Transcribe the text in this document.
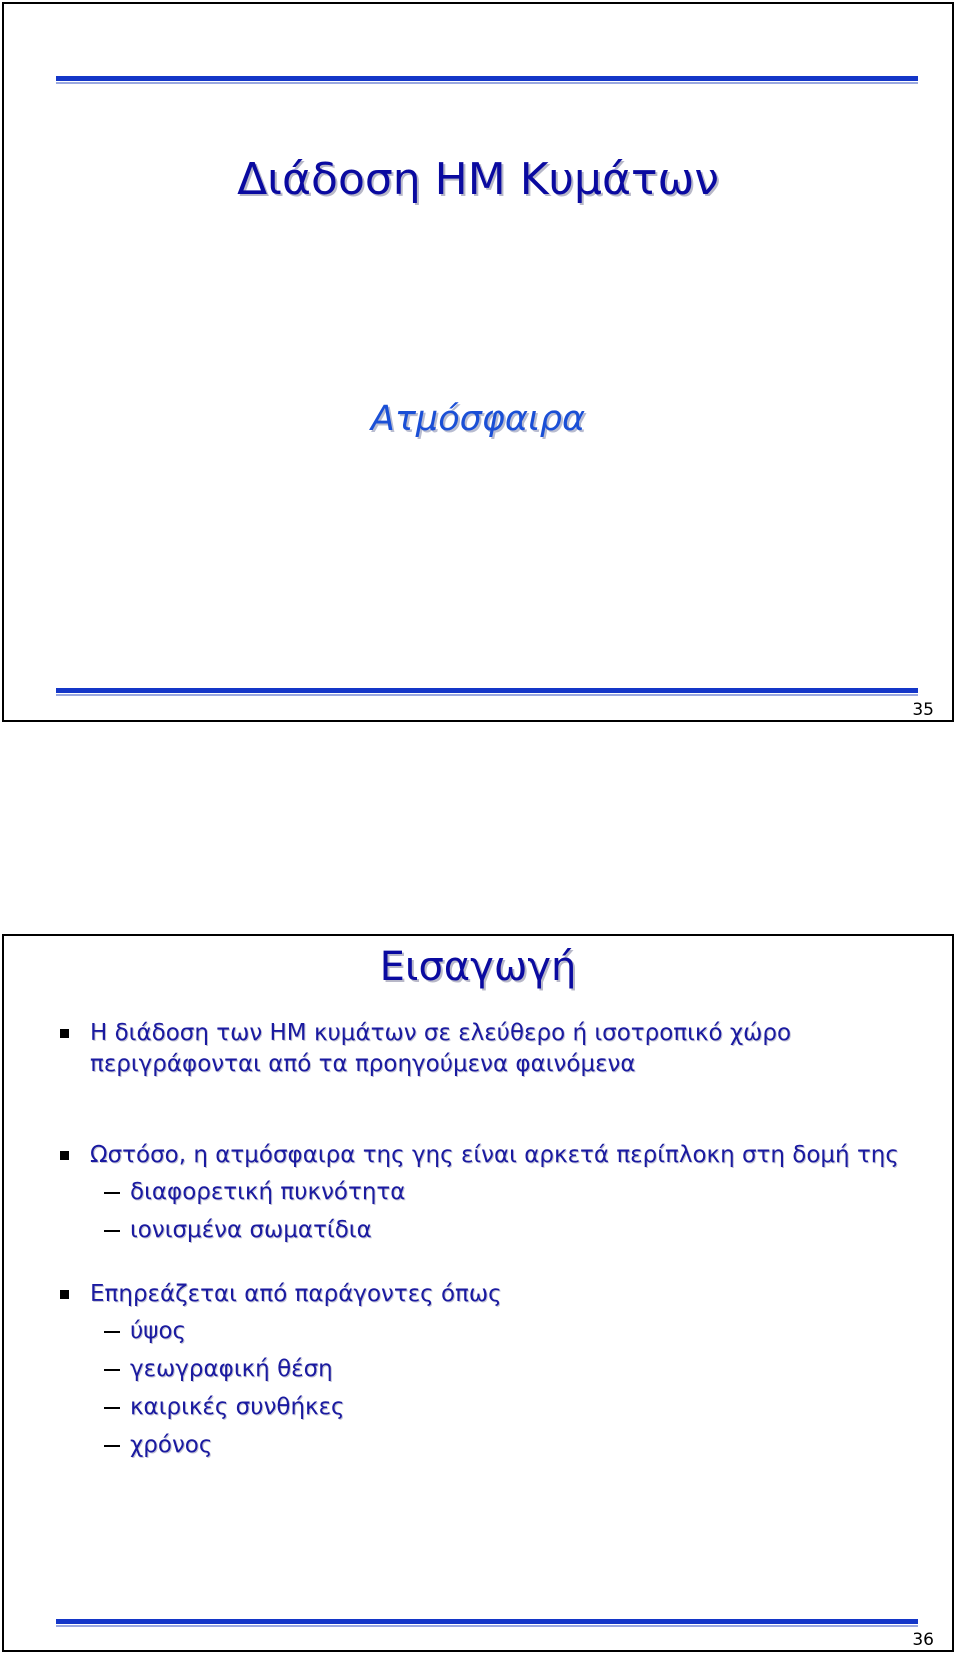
Διάδοση ΗΜ Κυμάτων
Ατμόσφαιρα
35
Εισαγωγή
Η διάδοση των ΗΜ κυμάτων σε ελεύθερο ή ισοτροπικό χώρο περιγράφονται από τα προηγούμενα φαινόμενα
Ωστόσο, η ατμόσφαιρα της γης είναι αρκετά περίπλοκη στη δομή της
διαφορετική πυκνότητα
ιονισμένα σωματίδια
Επηρεάζεται από παράγοντες όπως
ύψος
γεωγραφική θέση
καιρικές συνθήκες
χρόνος
36
